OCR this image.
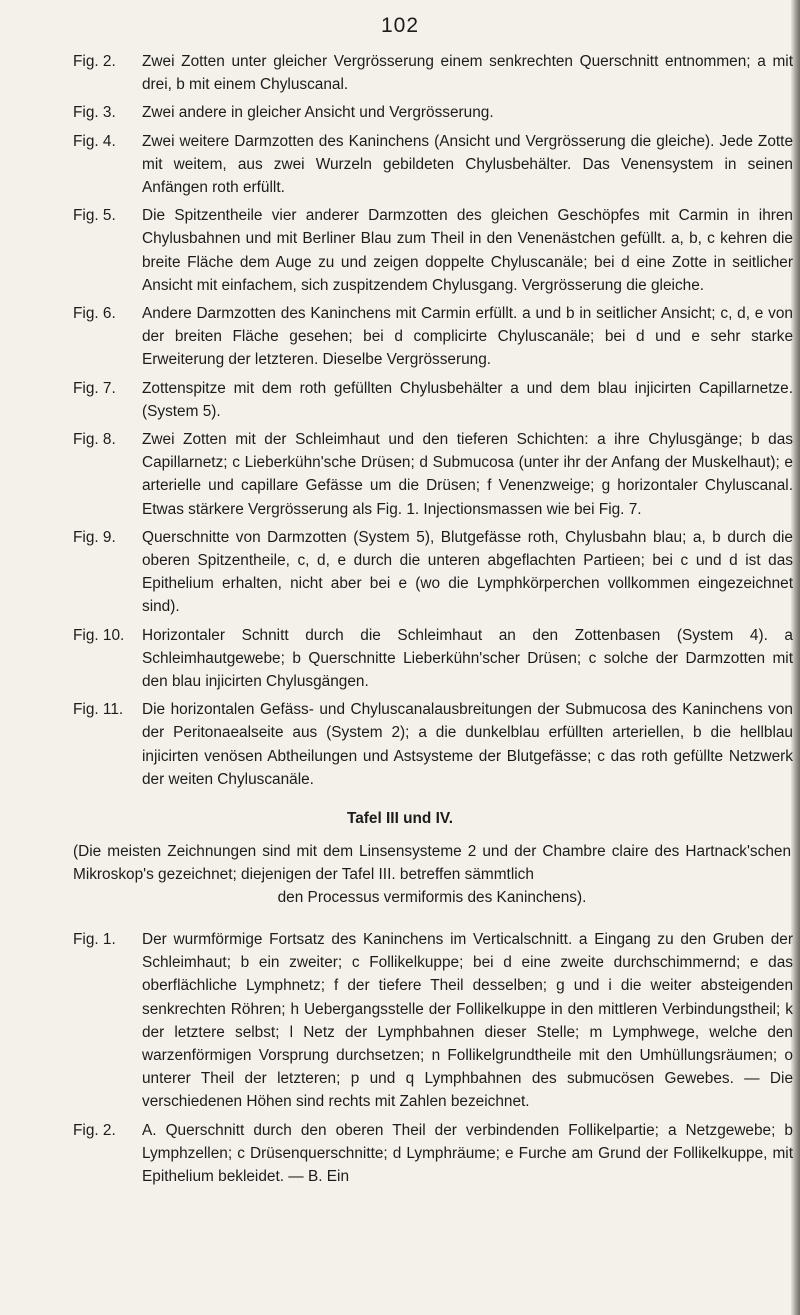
102
Fig. 2.	Zwei Zotten unter gleicher Vergrösserung einem senkrechten Querschnitt entnommen; a mit drei, b mit einem Chyluscanal.
Fig. 3.	Zwei andere in gleicher Ansicht und Vergrösserung.
Fig. 4.	Zwei weitere Darmzotten des Kaninchens (Ansicht und Vergrösserung die gleiche). Jede Zotte mit weitem, aus zwei Wurzeln gebildeten Chylusbehälter. Das Venensystem in seinen Anfängen roth erfüllt.
Fig. 5.	Die Spitzentheile vier anderer Darmzotten des gleichen Geschöpfes mit Carmin in ihren Chylusbahnen und mit Berliner Blau zum Theil in den Venenästchen gefüllt. a, b, c kehren die breite Fläche dem Auge zu und zeigen doppelte Chyluscanäle; bei d eine Zotte in seitlicher Ansicht mit einfachem, sich zuspitzendem Chylusgang. Vergrösserung die gleiche.
Fig. 6.	Andere Darmzotten des Kaninchens mit Carmin erfüllt. a und b in seitlicher Ansicht; c, d, e von der breiten Fläche gesehen; bei d complicirte Chyluscanäle; bei d und e sehr starke Erweiterung der letzteren. Dieselbe Vergrösserung.
Fig. 7.	Zottenspitze mit dem roth gefüllten Chylusbehälter a und dem blau injicirten Capillarnetze. (System 5).
Fig. 8.	Zwei Zotten mit der Schleimhaut und den tieferen Schichten: a ihre Chylusgänge; b das Capillarnetz; c Lieberkühn'sche Drüsen; d Submucosa (unter ihr der Anfang der Muskelhaut); e arterielle und capillare Gefässe um die Drüsen; f Venenzweige; g horizontaler Chyluscanal. Etwas stärkere Vergrösserung als Fig. 1. Injectionsmassen wie bei Fig. 7.
Fig. 9.	Querschnitte von Darmzotten (System 5), Blutgefässe roth, Chylusbahn blau; a, b durch die oberen Spitzentheile, c, d, e durch die unteren abgeflachten Partieen; bei c und d ist das Epithelium erhalten, nicht aber bei e (wo die Lymphkörperchen vollkommen eingezeichnet sind).
Fig. 10.	Horizontaler Schnitt durch die Schleimhaut an den Zottenbasen (System 4). a Schleimhautgewebe; b Querschnitte Lieberkühn'scher Drüsen; c solche der Darmzotten mit den blau injicirten Chylusgängen.
Fig. 11.	Die horizontalen Gefäss- und Chyluscanalausbreitungen der Submucosa des Kaninchens von der Peritonaealseite aus (System 2); a die dunkelblau erfüllten arteriellen, b die hellblau injicirten venösen Abtheilungen und Astsysteme der Blutgefässe; c das roth gefüllte Netzwerk der weiten Chyluscanäle.
Tafel III und IV.
(Die meisten Zeichnungen sind mit dem Linsensysteme 2 und der Chambre claire des Hartnack'schen Mikroskop's gezeichnet; diejenigen der Tafel III. betreffen sämmtlich
den Processus vermiformis des Kaninchens).
Fig. 1.	Der wurmförmige Fortsatz des Kaninchens im Verticalschnitt. a Eingang zu den Gruben der Schleimhaut; b ein zweiter; c Follikelkuppe; bei d eine zweite durchschimmernd; e das oberflächliche Lymphnetz; f der tiefere Theil desselben; g und i die weiter absteigenden senkrechten Röhren; h Uebergangsstelle der Follikelkuppe in den mittleren Verbindungstheil; k der letztere selbst; l Netz der Lymphbahnen dieser Stelle; m Lymphwege, welche den warzenförmigen Vorsprung durchsetzen; n Follikelgrundtheile mit den Umhüllungsräumen; o unterer Theil der letzteren; p und q Lymphbahnen des submucösen Gewebes. — Die verschiedenen Höhen sind rechts mit Zahlen bezeichnet.
Fig. 2.	A. Querschnitt durch den oberen Theil der verbindenden Follikelpartie; a Netzgewebe; b Lymphzellen; c Drüsenquerschnitte; d Lymphräume; e Furche am Grund der Follikelkuppe, mit Epithelium bekleidet. — B. Ein
